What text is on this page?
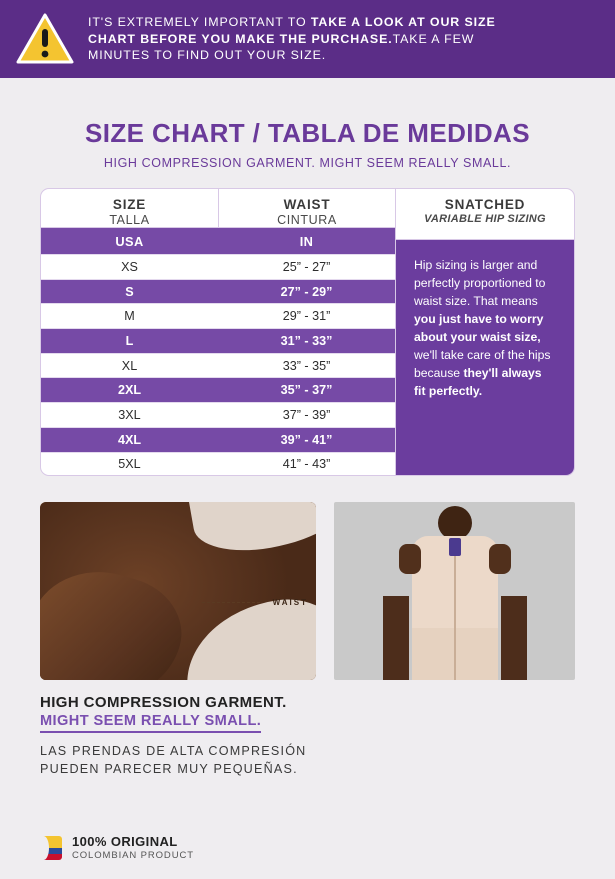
IT'S EXTREMELY IMPORTANT TO TAKE A LOOK AT OUR SIZE
CHART BEFORE YOU MAKE THE PURCHASE.TAKE A FEW
MINUTES TO FIND OUT YOUR SIZE.
SIZE CHART / TABLA DE MEDIDAS
HIGH COMPRESSION GARMENT. MIGHT SEEM REALLY SMALL.
SIZE
TALLA
WAIST
CINTURA
USA	IN
XS	25” - 27”
S	27” - 29”
M	29” - 31”
L	31” - 33”
XL	33” - 35”
2XL	35” - 37”
3XL	37” - 39”
4XL	39” - 41”
5XL	41” - 43”
SNATCHED
VARIABLE HIP SIZING
Hip sizing is larger and perfectly proportioned to waist size. That means you just have to worry about your waist size, we'll take care of the hips because they'll always fit perfectly.
WAIST
HIGH COMPRESSION GARMENT.
MIGHT SEEM REALLY SMALL.
LAS PRENDAS DE ALTA COMPRESIÓN PUEDEN PARECER MUY PEQUEÑAS.
100% ORIGINAL
COLOMBIAN PRODUCT
